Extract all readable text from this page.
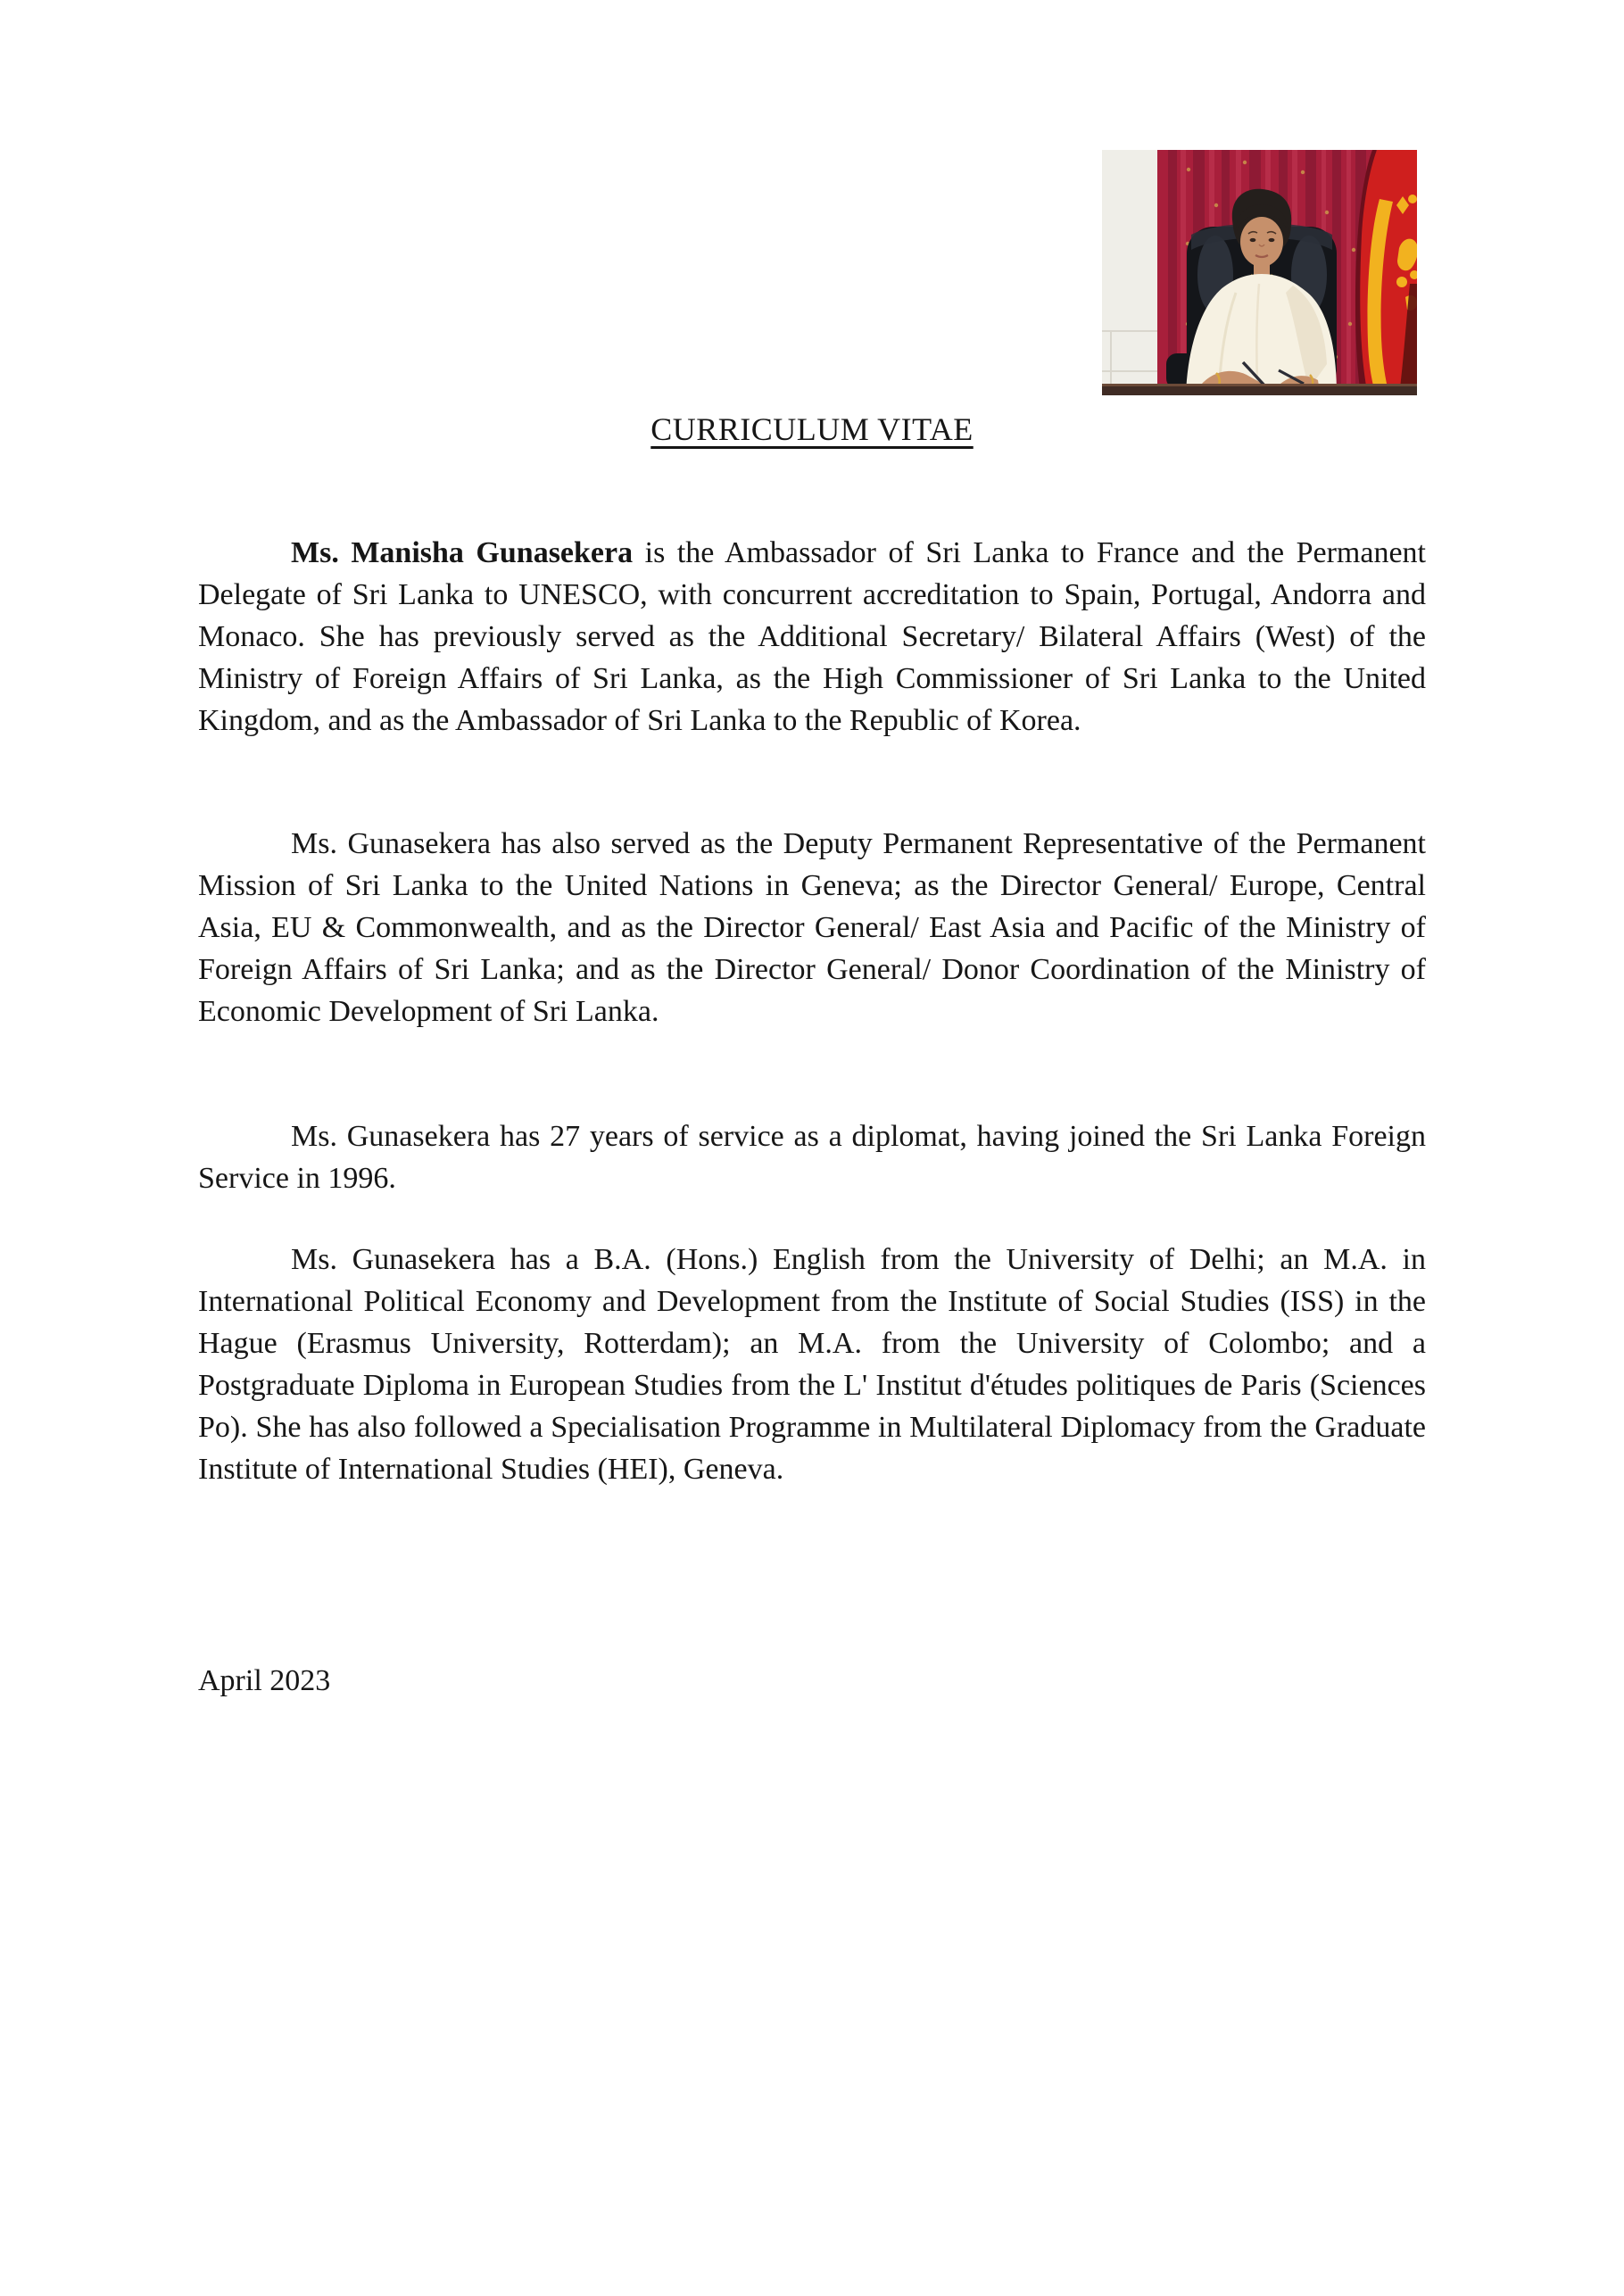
CURRICULUM VITAE

Ms. Manisha Gunasekera is the Ambassador of Sri Lanka to France and the Permanent Delegate of Sri Lanka to UNESCO, with concurrent accreditation to Spain, Portugal, Andorra and Monaco. She has previously served as the Additional Secretary/ Bilateral Affairs (West) of the Ministry of Foreign Affairs of Sri Lanka, as the High Commissioner of Sri Lanka to the United Kingdom, and as the Ambassador of Sri Lanka to the Republic of Korea.

Ms. Gunasekera has also served as the Deputy Permanent Representative of the Permanent Mission of Sri Lanka to the United Nations in Geneva; as the Director General/ Europe, Central Asia, EU & Commonwealth, and as the Director General/ East Asia and Pacific of the Ministry of Foreign Affairs of Sri Lanka; and as the Director General/ Donor Coordination of the Ministry of Economic Development of Sri Lanka.

Ms. Gunasekera has 27 years of service as a diplomat, having joined the Sri Lanka Foreign Service in 1996.

Ms. Gunasekera has a B.A. (Hons.) English from the University of Delhi; an M.A. in International Political Economy and Development from the Institute of Social Studies (ISS) in the Hague (Erasmus University, Rotterdam); an M.A. from the University of Colombo; and a Postgraduate Diploma in European Studies from the L' Institut d'études politiques de Paris (Sciences Po). She has also followed a Specialisation Programme in Multilateral Diplomacy from the Graduate Institute of International Studies (HEI), Geneva.

April 2023
